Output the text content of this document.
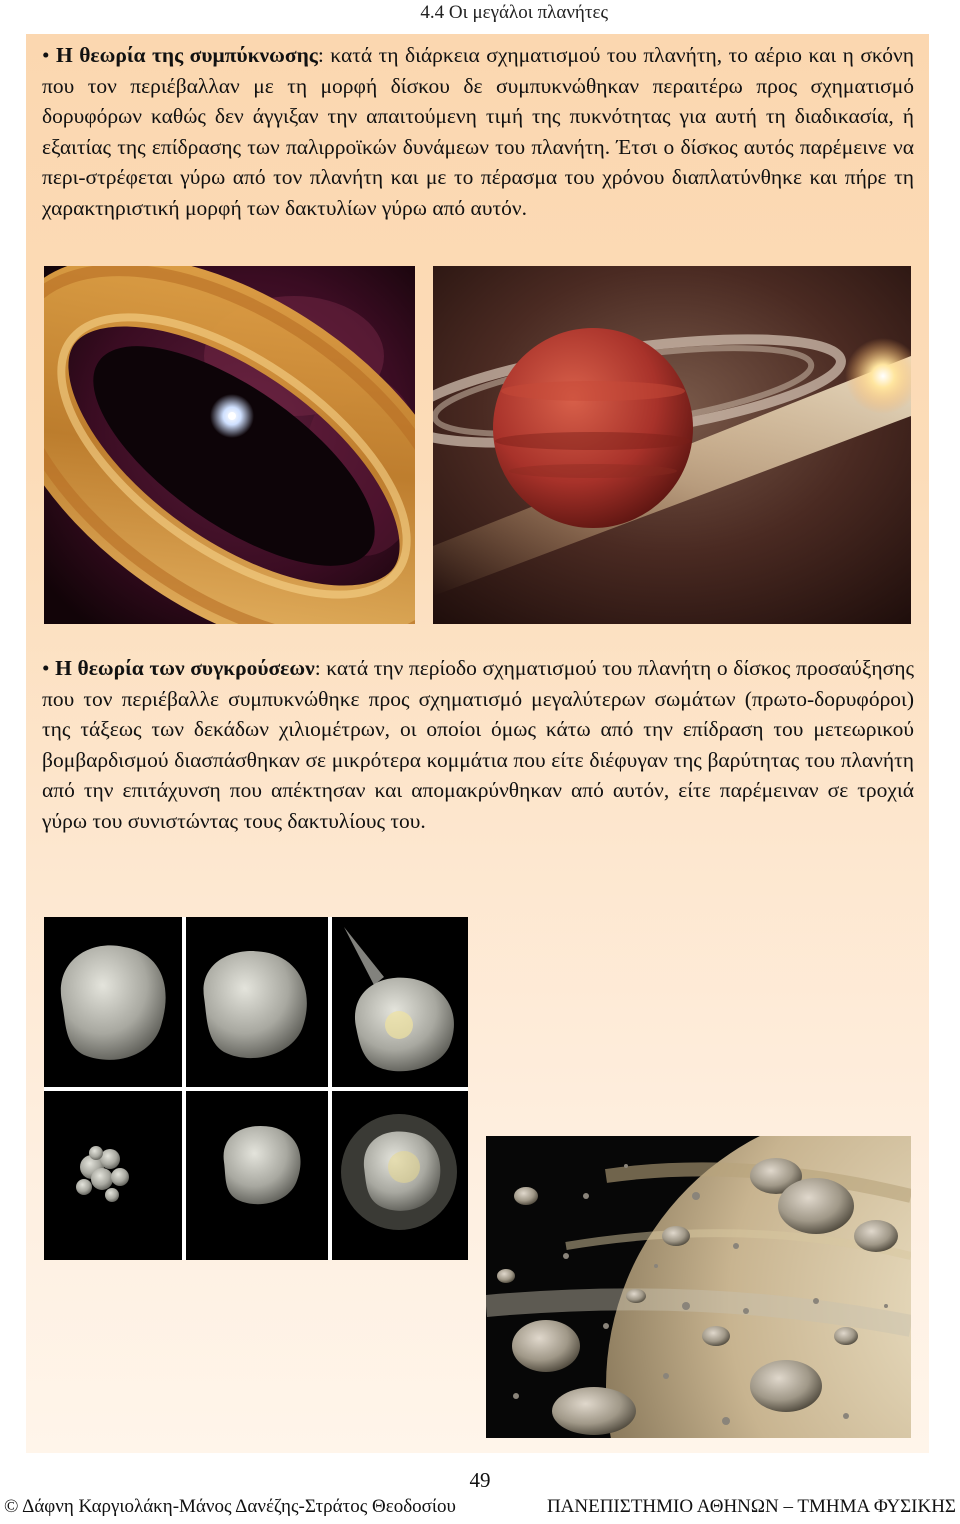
4.4 Οι μεγάλοι πλανήτες

• Η θεωρία της συμπύκνωσης: κατά τη διάρκεια σχηματισμού του πλανήτη, το αέριο και η σκόνη που τον περιέβαλλαν με τη μορφή δίσκου δε συμπυκνώθηκαν περαιτέρω προς σχηματισμό δορυφόρων καθώς δεν άγγιξαν την απαιτούμενη τιμή της πυκνότητας για αυτή τη διαδικασία, ή εξαιτίας της επίδρασης των παλιρροϊκών δυνάμεων του πλανήτη. Έτσι ο δίσκος αυτός παρέμεινε να περι-στρέφεται γύρω από τον πλανήτη και με το πέρασμα του χρόνου διαπλατύνθηκε και πήρε τη χαρακτηριστική μορφή των δακτυλίων γύρω από αυτόν.

• Η θεωρία των συγκρούσεων: κατά την περίοδο σχηματισμού του πλανήτη ο δίσκος προσαύξησης που τον περιέβαλλε συμπυκνώθηκε προς σχηματισμό μεγαλύτερων σωμάτων (πρωτο-δορυφόροι) της τάξεως των δεκάδων χιλιομέτρων, οι οποίοι όμως κάτω από την επίδραση του μετεωρικού βομβαρδισμού διασπάσθηκαν σε μικρότερα κομμάτια που είτε διέφυγαν της βαρύτητας του πλανήτη από την επιτάχυνση που απέκτησαν και απομακρύνθηκαν από αυτόν, είτε παρέμειναν σε τροχιά γύρω του συνιστώντας τους δακτυλίους του.

49
© Δάφνη Καργιολάκη-Μάνος Δανέζης-Στράτος Θεοδοσίου	ΠΑΝΕΠΙΣΤΗΜΙΟ ΑΘΗΝΩΝ – ΤΜΗΜΑ ΦΥΣΙΚΗΣ
